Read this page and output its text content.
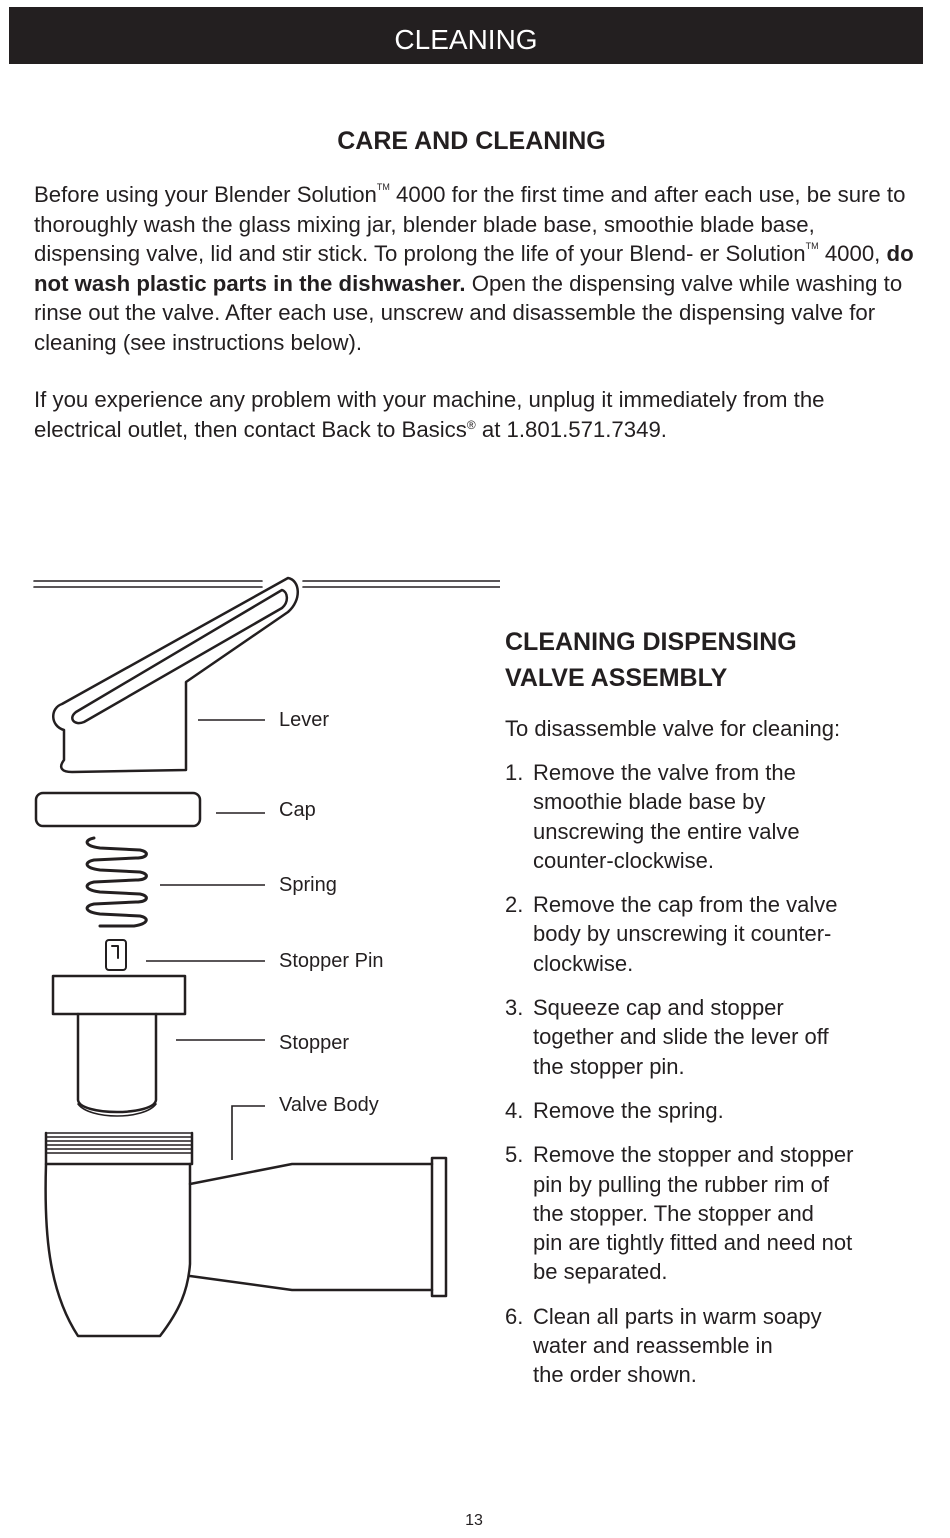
CLEANING
CARE AND CLEANING

Before using your Blender Solution™ 4000 for the first time and after each use, be sure to thoroughly wash the glass mixing jar, blender blade base, smoothie blade base, dispensing valve, lid and stir stick. To prolong the life of your Blend- er Solution™ 4000, do not wash plastic parts in the dishwasher. Open the dispensing valve while washing to rinse out the valve. After each use, unscrew and disassemble the dispensing valve for cleaning (see instructions below).

If you experience any problem with your machine, unplug it immediately from the electrical outlet, then contact Back to Basics® at 1.801.571.7349.

Lever
Cap
Spring
Stopper Pin
Stopper
Valve Body
CLEANING DISPENSING
VALVE ASSEMBLY

To disassemble valve for cleaning:

1. Remove the valve from the
smoothie blade base by
unscrewing the entire valve
counter-clockwise.
2. Remove the cap from the valve
body by unscrewing it counter-
clockwise.
3. Squeeze cap and stopper
together and slide the lever off
the stopper pin.
4. Remove the spring.
5. Remove the stopper and stopper
pin by pulling the rubber rim of
the stopper. The stopper and
pin are tightly fitted and need not
be separated.
6. Clean all parts in warm soapy
water and reassemble in
the order shown.
13
